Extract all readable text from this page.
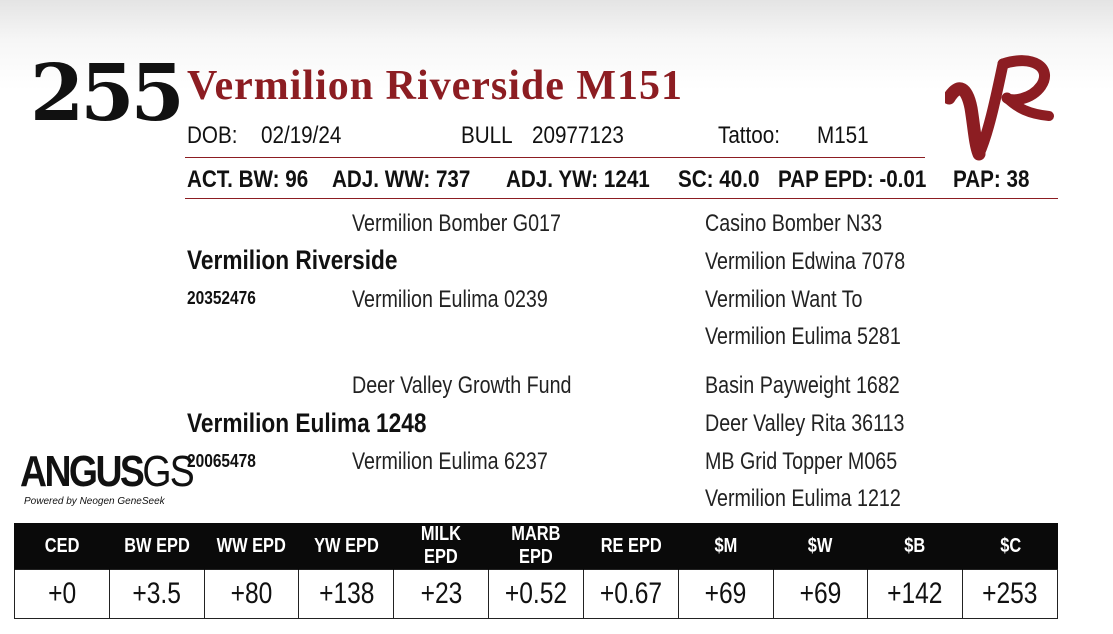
255 Vermilion Riverside M151
DOB: 02/19/24	BULL 20977123	Tattoo: M151
ACT. BW: 96 ADJ. WW: 737 ADJ. YW: 1241 SC: 40.0 PAP EPD: -0.01 PAP: 38
Vermilion Bomber G017
Vermilion Riverside
20352476	Vermilion Eulima 0239
Casino Bomber N33
Vermilion Edwina 7078
Vermilion Want To
Vermilion Eulima 5281
Deer Valley Growth Fund
Vermilion Eulima 1248
20065478	Vermilion Eulima 6237
Basin Payweight 1682
Deer Valley Rita 36113
MB Grid Topper M065
Vermilion Eulima 1212
ANGUSGS
Powered by Neogen GeneSeek
CED	BW EPD	WW EPD	YW EPD	MILK EPD	MARB EPD	RE EPD	$M	$W	$B	$C
+0	+3.5	+80	+138	+23	+0.52	+0.67	+69	+69	+142	+253
